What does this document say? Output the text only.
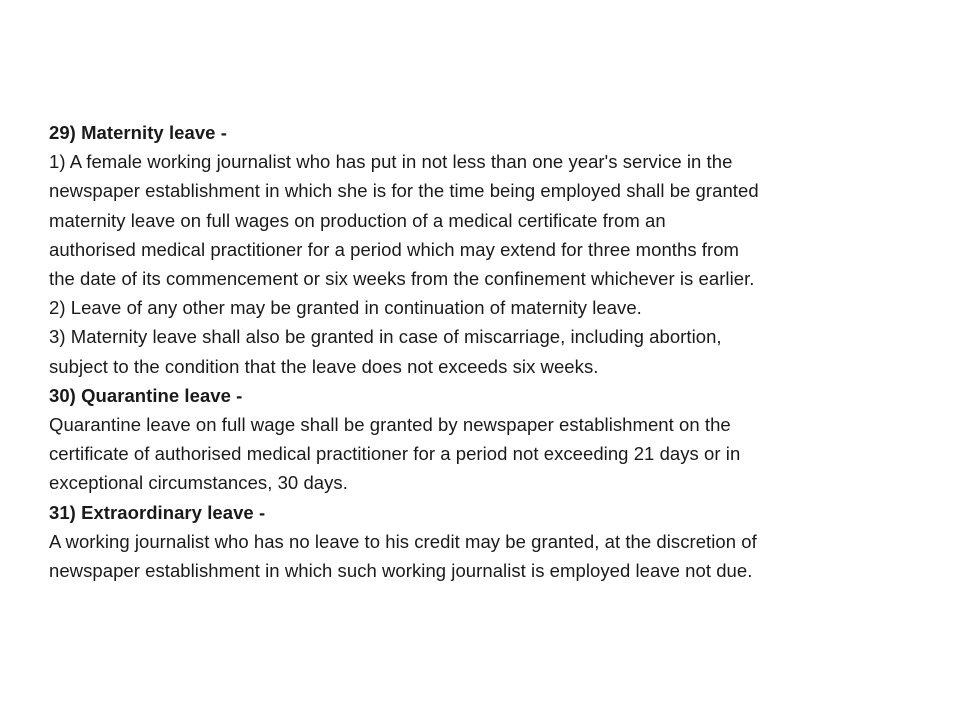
29) Maternity leave -
1) A female working journalist who has put in not less than one year's service in the
newspaper establishment in which she is for the time being employed shall be granted
maternity leave on full wages on production of a medical certificate from an
authorised medical practitioner for a period which may extend for three months from
the date of its commencement or six weeks from the confinement whichever is earlier.
2) Leave of any other may be granted in continuation of maternity leave.
3) Maternity leave shall also be granted in case of miscarriage, including abortion,
subject to the condition that the leave does not exceeds six weeks.
30) Quarantine leave -
Quarantine leave on full wage shall be granted by newspaper establishment on the
certificate of authorised medical practitioner for a period not exceeding 21 days or in
exceptional circumstances, 30 days.
31) Extraordinary leave -
A working journalist who has no leave to his credit may be granted, at the discretion of
newspaper establishment in which such working journalist is employed leave not due.
